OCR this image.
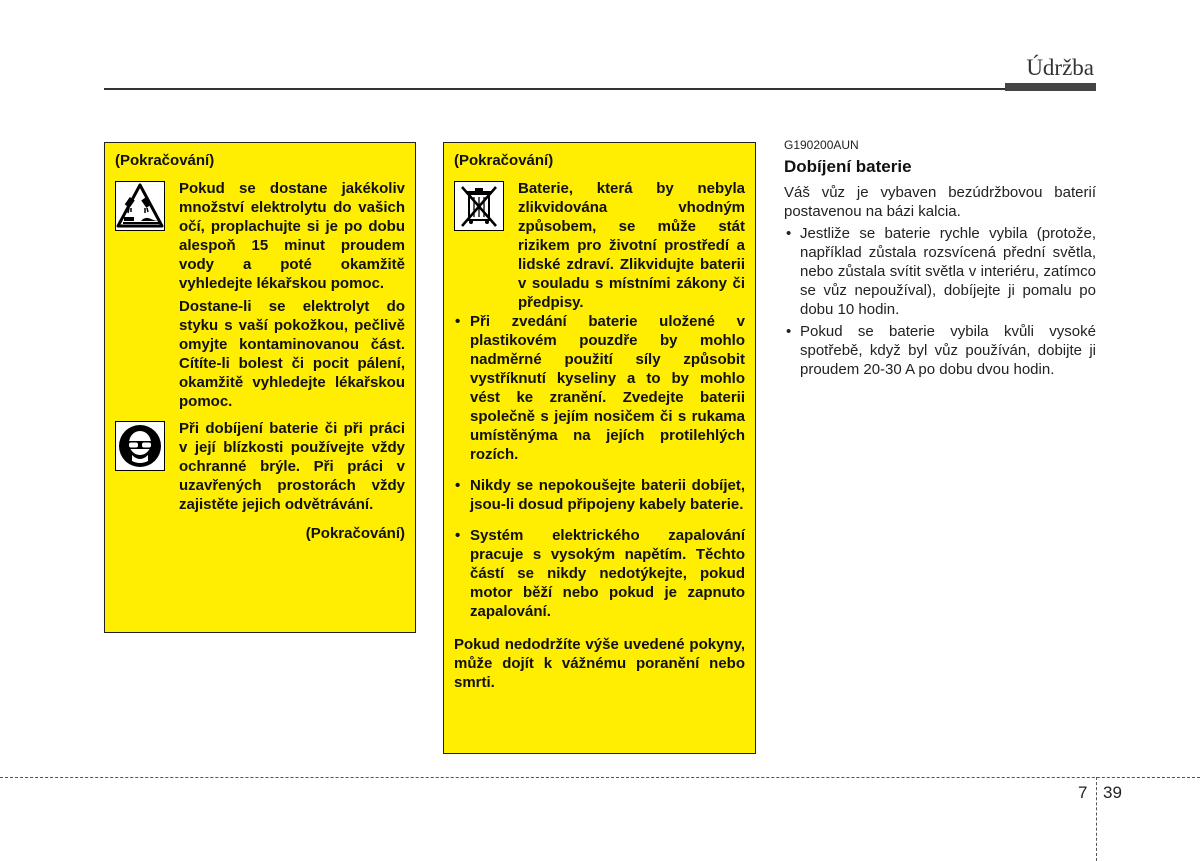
Údržba
(Pokračování)
Pokud se dostane jakékoliv množství elektrolytu do vašich očí, proplachujte si je po dobu alespoň 15 minut proudem vody a poté okamžitě vyhledejte lékařskou pomoc.
Dostane-li se elektrolyt do styku s vaší pokožkou, pečlivě omyjte kontaminovanou část. Cítíte-li bolest či pocit pálení, okamžitě vyhledejte lékařskou pomoc.
Při dobíjení baterie či při práci v její blízkosti používejte vždy ochranné brýle. Při práci v uzavřených prostorách vždy zajistěte jejich odvětrávání.
(Pokračování)
(Pokračování)
Baterie, která by nebyla zlikvidována vhodným způsobem, se může stát rizikem pro životní prostředí a lidské zdraví. Zlikvidujte baterii v souladu s místními zákony či předpisy.
• Při zvedání baterie uložené v plastikovém pouzdře by mohlo nadměrné použití síly způsobit vystříknutí kyseliny a to by mohlo vést ke zranění. Zvedejte baterii společně s jejím nosičem či s rukama umístěnýma na jejích protilehlých rozích.
• Nikdy se nepokoušejte baterii dobíjet, jsou-li dosud připojeny kabely baterie.
• Systém elektrického zapalování pracuje s vysokým napětím. Těchto částí se nikdy nedotýkejte, pokud motor běží nebo pokud je zapnuto zapalování.
Pokud nedodržíte výše uvedené pokyny, může dojít k vážnému poranění nebo smrti.
G190200AUN
Dobíjení baterie
Váš vůz je vybaven bezúdržbovou baterií postavenou na bázi kalcia.
• Jestliže se baterie rychle vybila (protože, například zůstala rozsvícená přední světla, nebo zůstala svítit světla v interiéru, zatímco se vůz nepoužíval), dobíjejte ji pomalu po dobu 10 hodin.
• Pokud se baterie vybila kvůli vysoké spotřebě, když byl vůz používán, dobijte ji proudem 20-30 A po dobu dvou hodin.
7 39
